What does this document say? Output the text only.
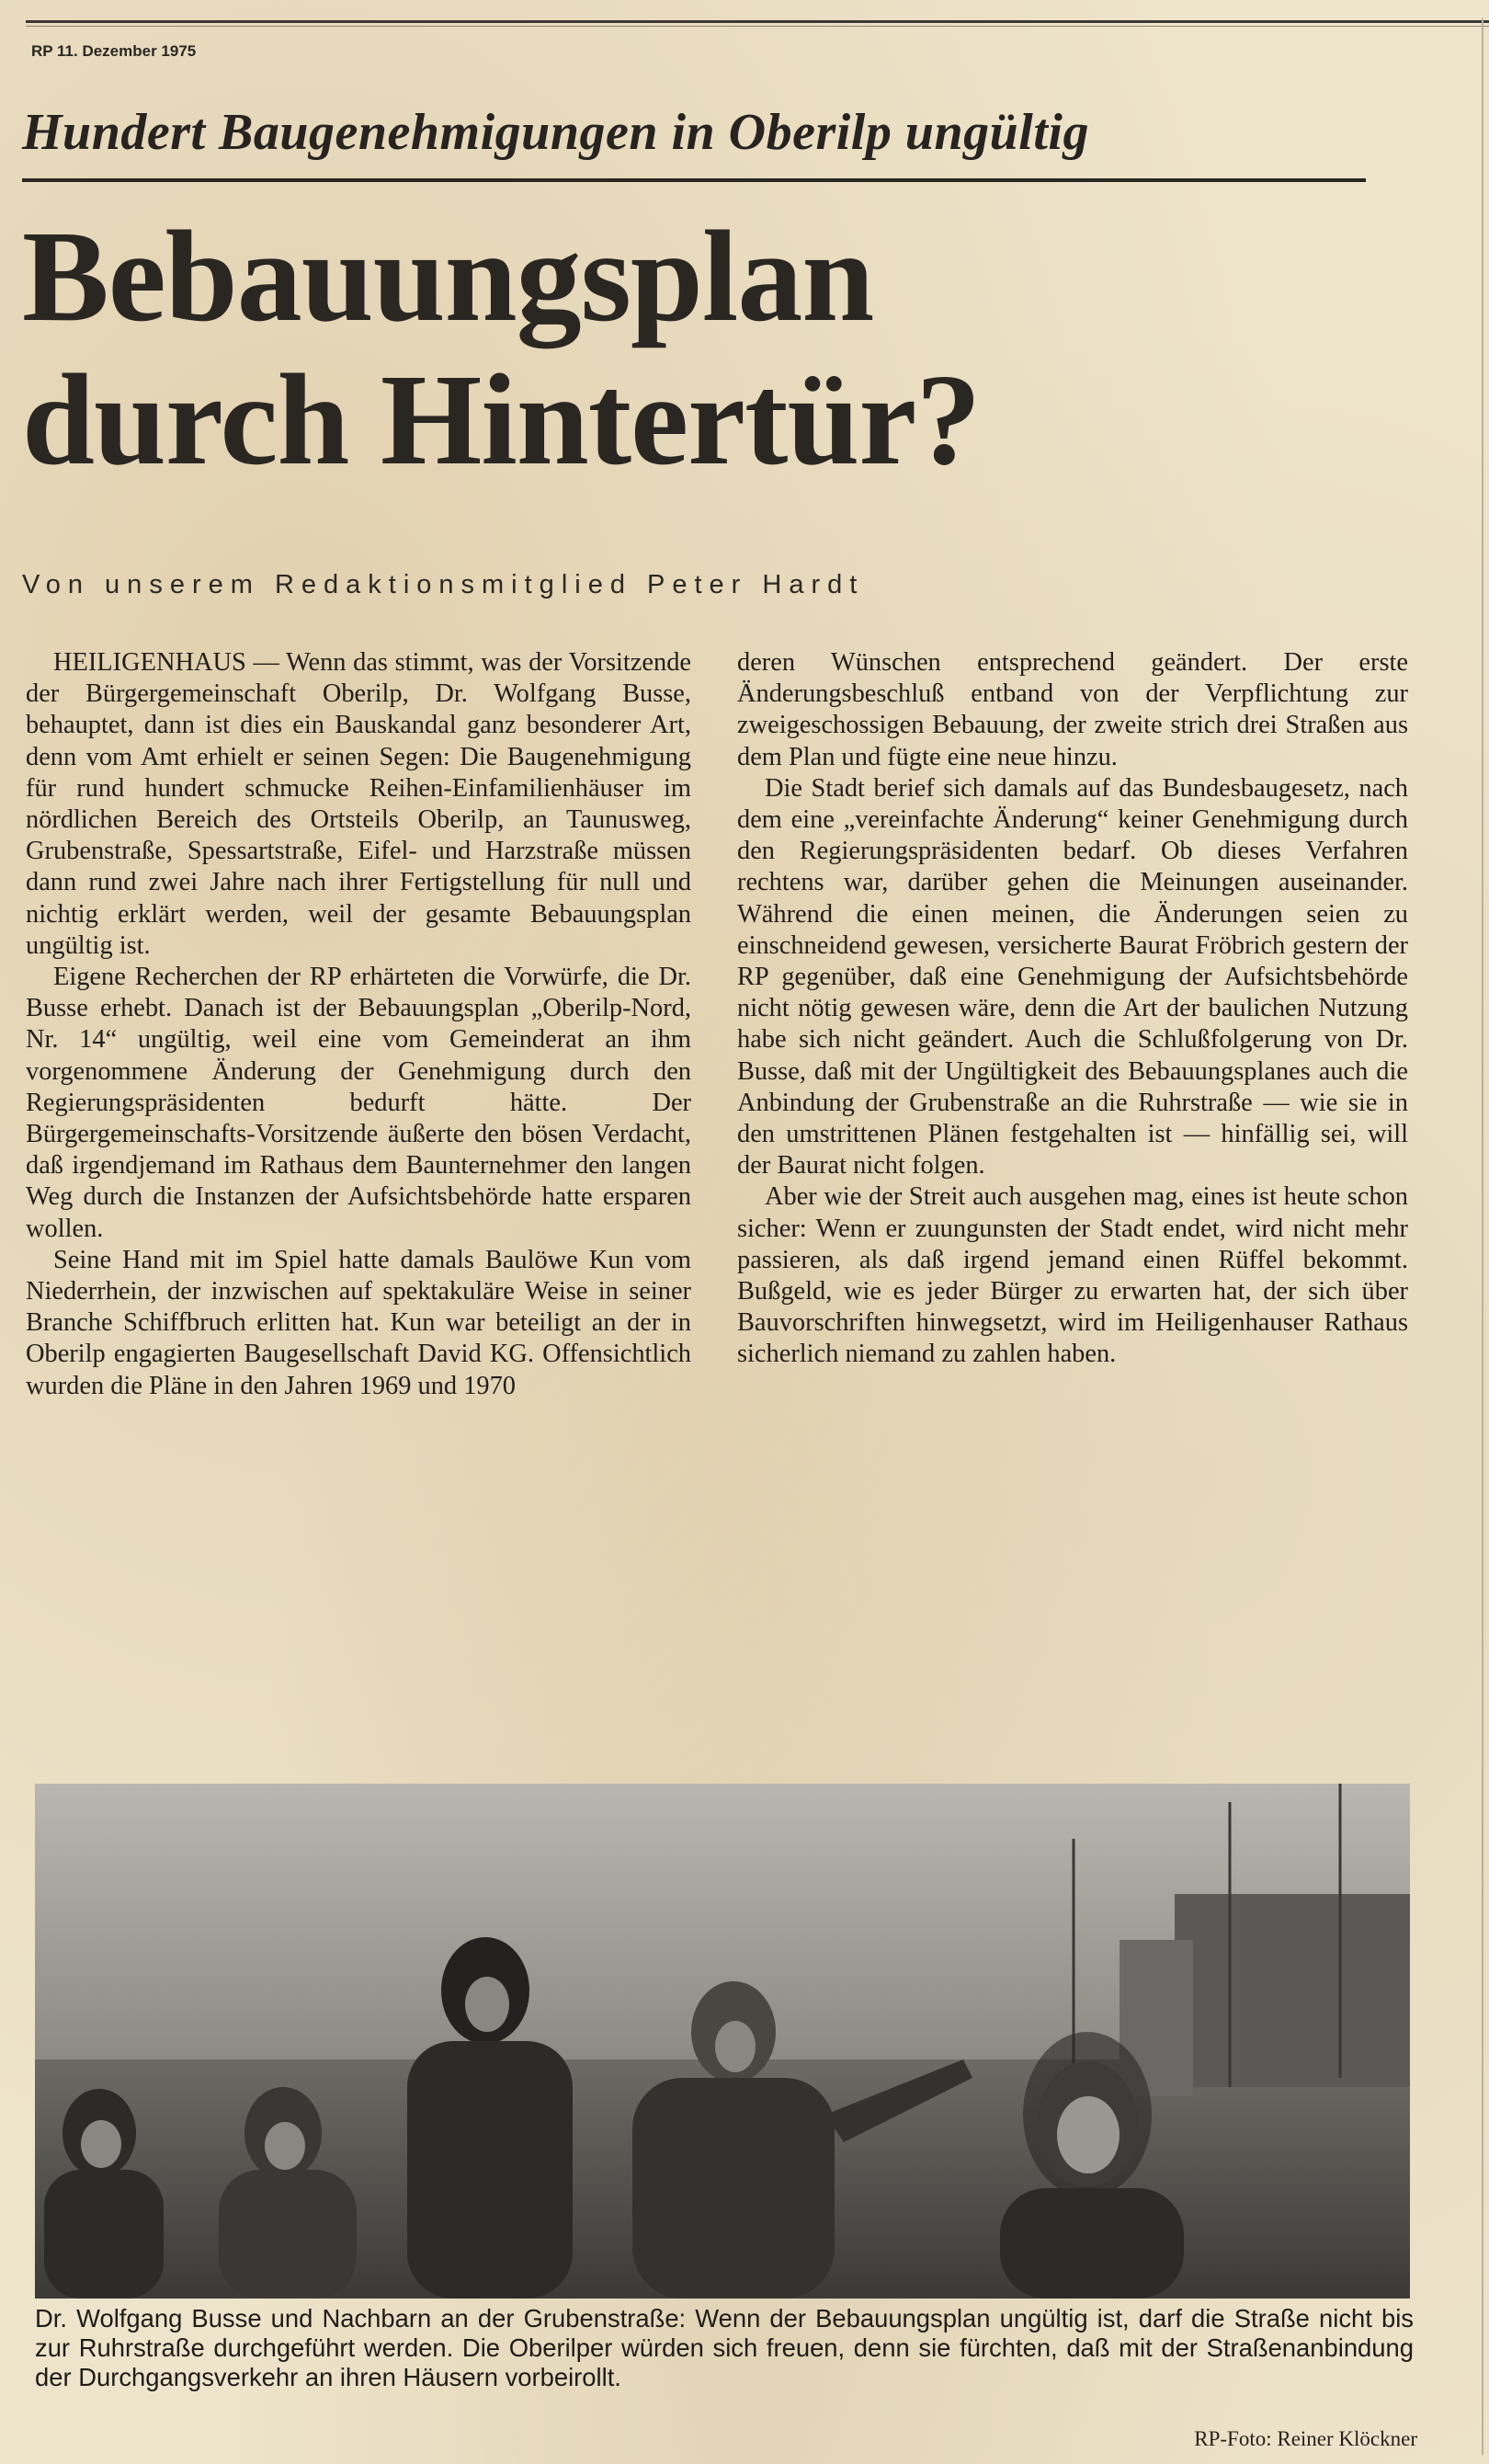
RP 11. Dezember 1975
Hundert Baugenehmigungen in Oberilp ungültig
Bebauungsplan
durch Hintertür?
Von unserem Redaktionsmitglied Peter Hardt

HEILIGENHAUS — Wenn das stimmt, was der Vorsitzende der Bürgergemeinschaft Oberilp, Dr. Wolfgang Busse, behauptet, dann ist dies ein Bauskandal ganz besonderer Art, denn vom Amt erhielt er seinen Segen: Die Baugenehmigung für rund hundert schmucke Reihen-Einfamilienhäuser im nördlichen Bereich des Ortsteils Oberilp, an Taunusweg, Grubenstraße, Spessartstraße, Eifel- und Harzstraße müssen dann rund zwei Jahre nach ihrer Fertigstellung für null und nichtig erklärt werden, weil der gesamte Bebauungsplan ungültig ist.

Eigene Recherchen der RP erhärteten die Vorwürfe, die Dr. Busse erhebt. Danach ist der Bebauungsplan „Oberilp-Nord, Nr. 14“ ungültig, weil eine vom Gemeinderat an ihm vorgenommene Änderung der Genehmigung durch den Regierungspräsidenten bedurft hätte. Der Bürgergemeinschafts-Vorsitzende äußerte den bösen Verdacht, daß irgendjemand im Rathaus dem Baunternehmer den langen Weg durch die Instanzen der Aufsichtsbehörde hatte ersparen wollen.

Seine Hand mit im Spiel hatte damals Baulöwe Kun vom Niederrhein, der inzwischen auf spektakuläre Weise in seiner Branche Schiffbruch erlitten hat. Kun war beteiligt an der in Oberilp engagierten Baugesellschaft David KG. Offensichtlich wurden die Pläne in den Jahren 1969 und 1970

deren Wünschen entsprechend geändert. Der erste Änderungsbeschluß entband von der Verpflichtung zur zweigeschossigen Bebauung, der zweite strich drei Straßen aus dem Plan und fügte eine neue hinzu.

Die Stadt berief sich damals auf das Bundesbaugesetz, nach dem eine „vereinfachte Änderung“ keiner Genehmigung durch den Regierungspräsidenten bedarf. Ob dieses Verfahren rechtens war, darüber gehen die Meinungen auseinander. Während die einen meinen, die Änderungen seien zu einschneidend gewesen, versicherte Baurat Fröbrich gestern der RP gegenüber, daß eine Genehmigung der Aufsichtsbehörde nicht nötig gewesen wäre, denn die Art der baulichen Nutzung habe sich nicht geändert. Auch die Schlußfolgerung von Dr. Busse, daß mit der Ungültigkeit des Bebauungsplanes auch die Anbindung der Grubenstraße an die Ruhrstraße — wie sie in den umstrittenen Plänen festgehalten ist — hinfällig sei, will der Baurat nicht folgen.

Aber wie der Streit auch ausgehen mag, eines ist heute schon sicher: Wenn er zuungunsten der Stadt endet, wird nicht mehr passieren, als daß irgend jemand einen Rüffel bekommt. Bußgeld, wie es jeder Bürger zu erwarten hat, der sich über Bauvorschriften hinwegsetzt, wird im Heiligenhauser Rathaus sicherlich niemand zu zahlen haben.

Dr. Wolfgang Busse und Nachbarn an der Grubenstraße: Wenn der Bebauungsplan ungültig ist, darf die Straße nicht bis zur Ruhrstraße durchgeführt werden. Die Oberilper würden sich freuen, denn sie fürchten, daß mit der Straßenanbindung der Durchgangsverkehr an ihren Häusern vorbeirollt.
RP-Foto: Reiner Klöckner
